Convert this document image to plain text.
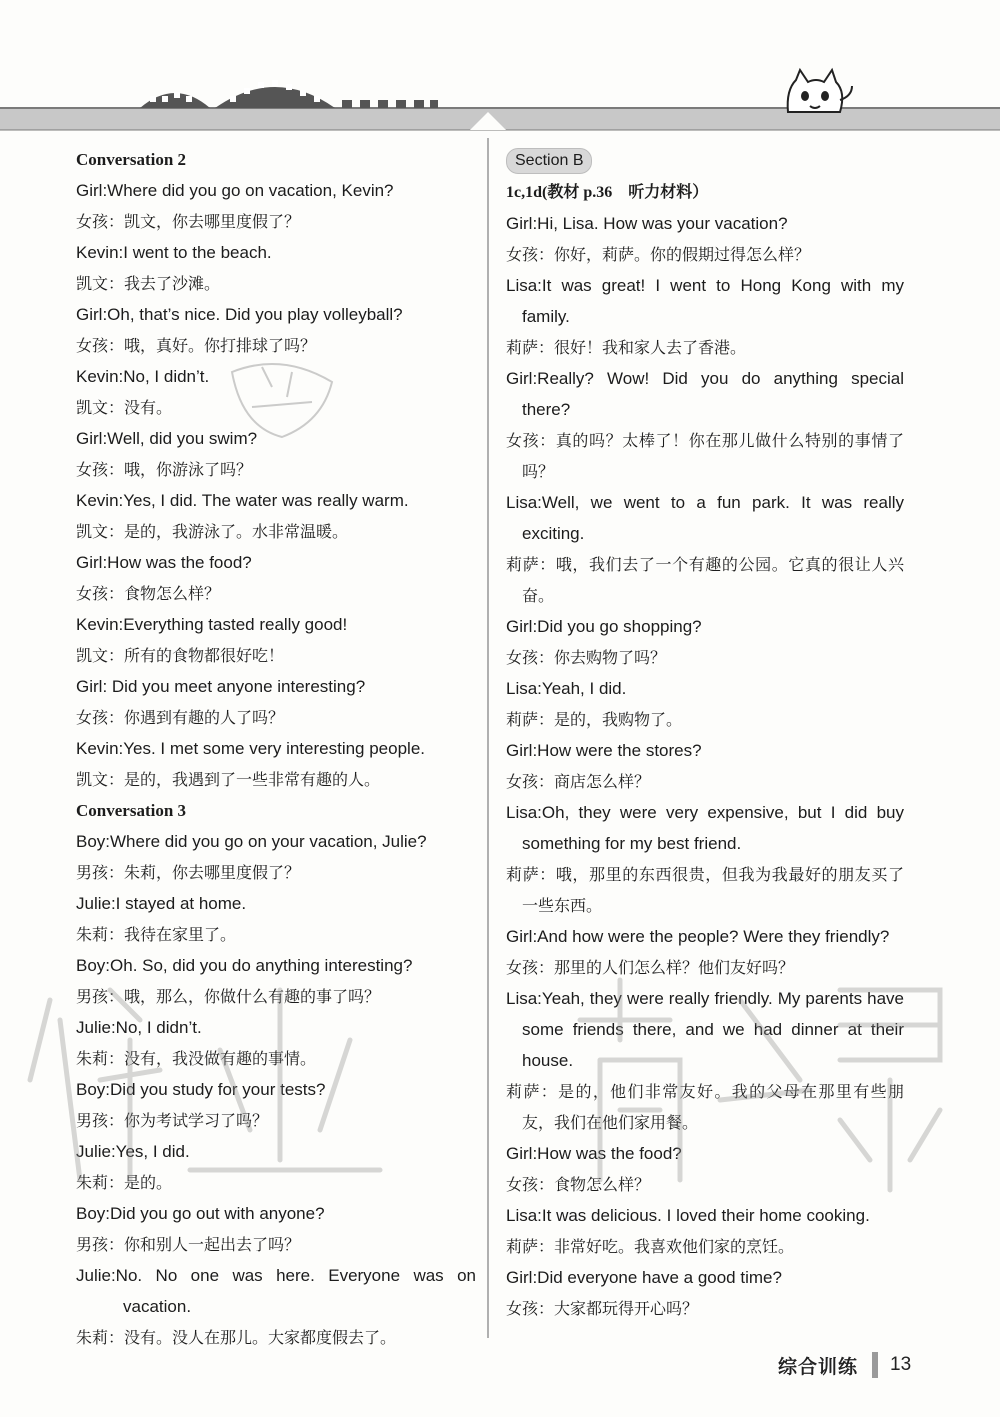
Conversation 2
Girl:Where did you go on vacation, Kevin?
女孩：凯文，你去哪里度假了？
Kevin:I went to the beach.
凯文：我去了沙滩。
Girl:Oh, that’s nice. Did you play volleyball?
女孩：哦，真好。你打排球了吗？
Kevin:No, I didn’t.
凯文：没有。
Girl:Well, did you swim?
女孩：哦，你游泳了吗？
Kevin:Yes, I did. The water was really warm.
凯文：是的，我游泳了。水非常温暖。
Girl:How was the food?
女孩：食物怎么样？
Kevin:Everything tasted really good!
凯文：所有的食物都很好吃！
Girl: Did you meet anyone interesting?
女孩：你遇到有趣的人了吗？
Kevin:Yes. I met some very interesting people.
凯文：是的，我遇到了一些非常有趣的人。
Conversation 3
Boy:Where did you go on your vacation, Julie?
男孩：朱莉，你去哪里度假了？
Julie:I stayed at home.
朱莉：我待在家里了。
Boy:Oh. So, did you do anything interesting?
男孩：哦，那么，你做什么有趣的事了吗？
Julie:No, I didn’t.
朱莉：没有，我没做有趣的事情。
Boy:Did you study for your tests?
男孩：你为考试学习了吗？
Julie:Yes, I did.
朱莉：是的。
Boy:Did you go out with anyone?
男孩：你和别人一起出去了吗？
Julie:No. No one was here. Everyone was on vacation.
朱莉：没有。没人在那儿。大家都度假去了。
Section B
1c,1d(教材 p.36　听力材料）
Girl:Hi, Lisa. How was your vacation?
女孩：你好，莉萨。你的假期过得怎么样？
Lisa:It was great! I went to Hong Kong with my family.
莉萨：很好！我和家人去了香港。
Girl:Really? Wow! Did you do anything special there?
女孩：真的吗？太棒了！你在那儿做什么特别的事情了吗？
Lisa:Well, we went to a fun park. It was really exciting.
莉萨：哦，我们去了一个有趣的公园。它真的很让人兴奋。
Girl:Did you go shopping?
女孩：你去购物了吗？
Lisa:Yeah, I did.
莉萨：是的，我购物了。
Girl:How were the stores?
女孩：商店怎么样？
Lisa:Oh, they were very expensive, but I did buy something for my best friend.
莉萨：哦，那里的东西很贵，但我为我最好的朋友买了一些东西。
Girl:And how were the people? Were they friendly?
女孩：那里的人们怎么样？他们友好吗？
Lisa:Yeah, they were really friendly. My parents have some friends there, and we had dinner at their house.
莉萨：是的，他们非常友好。我的父母在那里有些朋友，我们在他们家用餐。
Girl:How was the food?
女孩：食物怎么样？
Lisa:It was delicious. I loved their home cooking.
莉萨：非常好吃。我喜欢他们家的烹饪。
Girl:Did everyone have a good time?
女孩：大家都玩得开心吗？
综合训练 13
